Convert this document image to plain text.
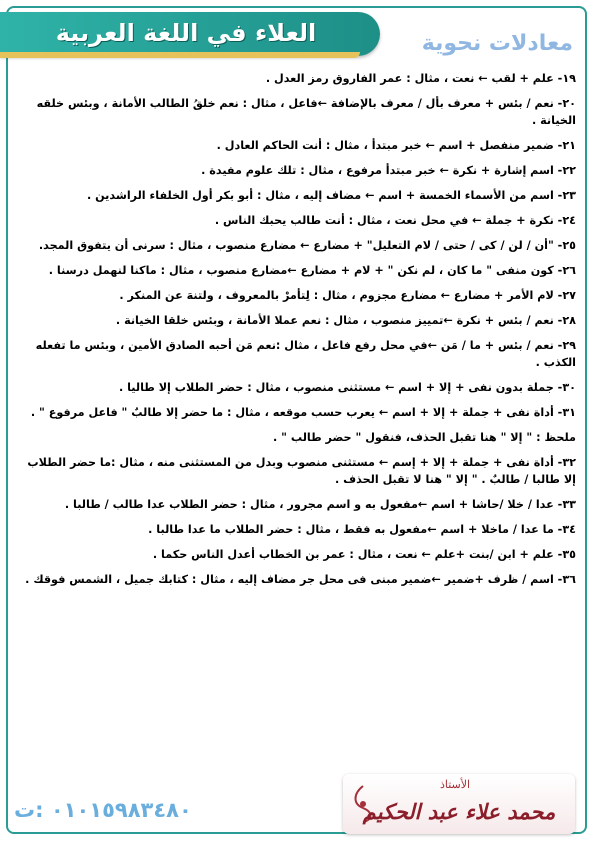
العلاء في اللغة العربية	معادلات نحوية

١٩- علم + لقب ← نعت ، مثال : عمر الفاروق رمز العدل .

٢٠- نعم / بئس + معرف بأل / معرف بالإضافة ←فاعل ، مثال : نعم خلقُ الطالب الأمانة ، وبئس خلقه الخيانة .

٢١- ضمير منفصل + اسم ← خبر مبتدأ ، مثال : أنت الحاكم العادل .

٢٢- اسم إشارة + نكرة ← خبر مبتدأ مرفوع ، مثال : تلك علوم مفيدة .

٢٣- اسم من الأسماء الخمسة + اسم ← مضاف إليه ، مثال : أبو بكر أول الخلفاء الراشدين .

٢٤- نكرة + جملة ← في محل نعت ، مثال : أنت طالب يحبك الناس .

٢٥- "أن / لن / كى / حتى / لام التعليل" + مضارع ← مضارع منصوب ، مثال : سرنى أن يتفوق المجد.

٢٦- كون منفى " ما كان ، لم نكن " + لام + مضارع ←مضارع منصوب ، مثال : ماكنا لنهمل درسنا .

٢٧- لام الأمر + مضارع ← مضارع مجزوم ، مثال : لِتأمرْ بالمعروف ، ولتنهَ عن المنكر .

٢٨- نعم / بئس + نكرة ←تمييز منصوب ، مثال : نعم عملا الأمانة ، وبئس خلقا الخيانة .

٢٩- نعم / بئس + ما / مَن ←في محل رفع فاعل ، مثال :نعم مَن أحبه الصادق الأمين ، وبئس ما تفعله الكذب .

٣٠- جملة بدون نفى + إلا + اسم ← مستثنى منصوب ، مثال : حضر الطلاب إلا طاليا .

٣١- أداة نفى + جملة + إلا + اسم ← يعرب حسب موقعه ، مثال : ما حضر إلا طالبٌ " فاعل مرفوع " .

ملحظ : " إلا " هنا تقبل الحذف، فنقول " حضر طالب " .

٣٢- أداة نفى + جملة + إلا + إسم ← مستثنى منصوب وبدل من المستثنى منه ، مثال :ما حضر الطلاب إلا طالبا / طالبٌ . " إلا " هنا لا تقبل الحذف .

٣٣- عدا / خلا /حاشا + اسم ←مفعول به و اسم مجرور ، مثال : حضر الطلاب عدا طالب / طالبا .

٣٤- ما عدا / ماخلا + اسم ←مفعول به فقط ، مثال : حضر الطلاب ما عدا طالبا .

٣٥- علم + ابن /بنت +علم ← نعت ، مثال : عمر بن الخطاب أعدل الناس حكما .

٣٦- اسم / ظرف +ضمير ←ضمير مبنى فى محل جر مضاف إليه ، مثال : كتابك جميل ، الشمس فوقك .

٠١٠١٥٩٨٣٤٨٠ :ت
الأستاذ
محمد علاء عبد الحكيم
